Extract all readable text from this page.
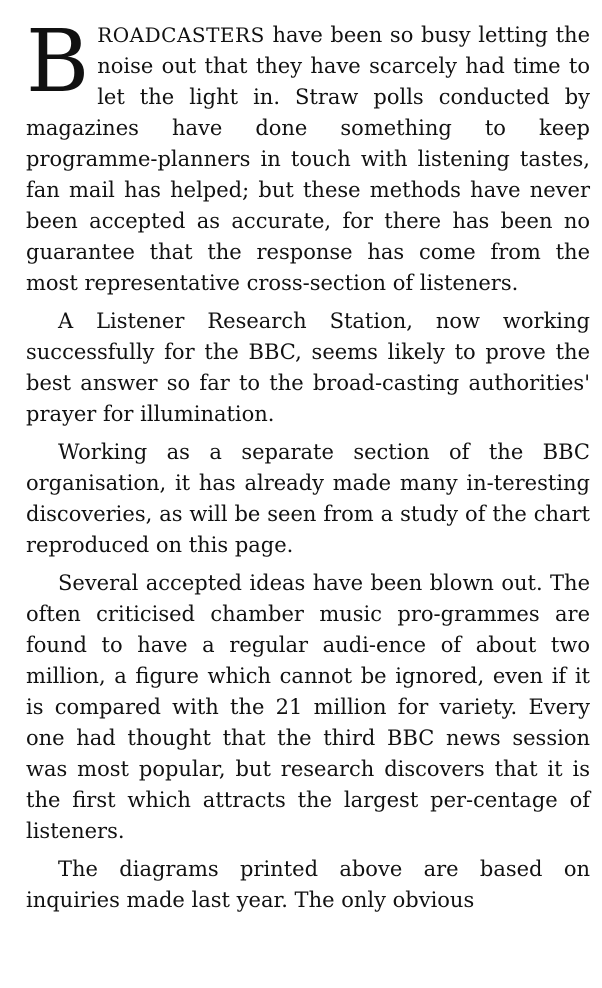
BROADCASTERS have been so busy letting the noise out that they have scarcely had time to let the light in. Straw polls conducted by magazines have done something to keep programme-planners in touch with listening tastes, fan mail has helped; but these methods have never been accepted as accurate, for there has been no guarantee that the response has come from the most representative cross-section of listeners.

A Listener Research Station, now working successfully for the BBC, seems likely to prove the best answer so far to the broad-casting authorities' prayer for illumination.

Working as a separate section of the BBC organisation, it has already made many in-teresting discoveries, as will be seen from a study of the chart reproduced on this page.

Several accepted ideas have been blown out. The often criticised chamber music pro-grammes are found to have a regular audi-ence of about two million, a figure which cannot be ignored, even if it is compared with the 21 million for variety. Every one had thought that the third BBC news session was most popular, but research discovers that it is the first which attracts the largest per-centage of listeners.

The diagrams printed above are based on inquiries made last year. The only obvious
